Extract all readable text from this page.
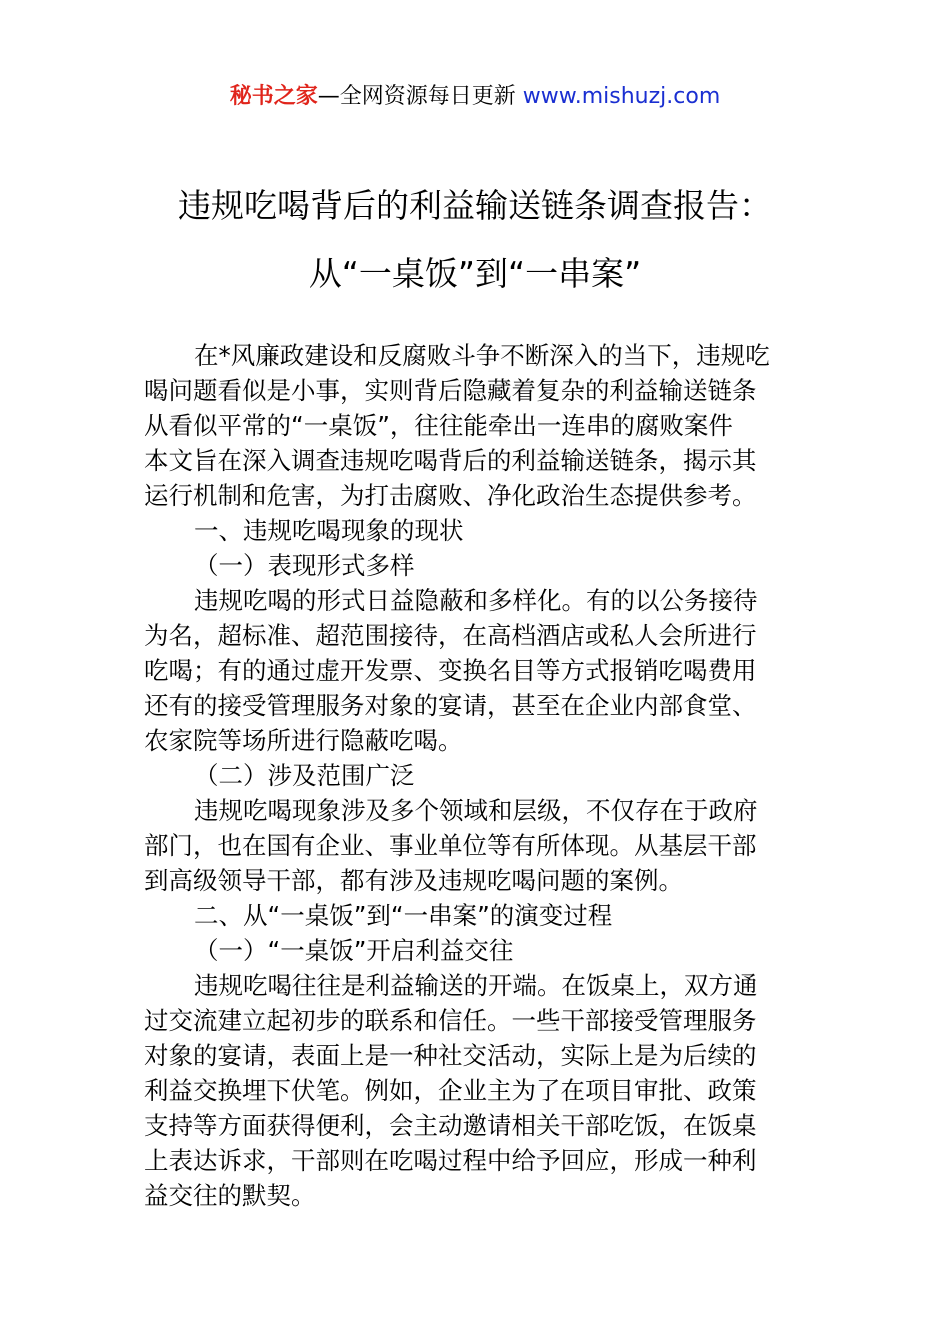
秘书之家—全网资源每日更新 www.mishuzj.com
违规吃喝背后的利益输送链条调查报告：
从“一桌饭”到“一串案”
在*风廉政建设和反腐败斗争不断深入的当下，违规吃
喝问题看似是小事，实则背后隐藏着复杂的利益输送链条
从看似平常的“一桌饭”，往往能牵出一连串的腐败案件
本文旨在深入调查违规吃喝背后的利益输送链条，揭示其
运行机制和危害，为打击腐败、净化政治生态提供参考。
一、违规吃喝现象的现状
（一）表现形式多样
违规吃喝的形式日益隐蔽和多样化。有的以公务接待
为名，超标准、超范围接待，在高档酒店或私人会所进行
吃喝；有的通过虚开发票、变换名目等方式报销吃喝费用
还有的接受管理服务对象的宴请，甚至在企业内部食堂、
农家院等场所进行隐蔽吃喝。
（二）涉及范围广泛
违规吃喝现象涉及多个领域和层级，不仅存在于政府
部门，也在国有企业、事业单位等有所体现。从基层干部
到高级领导干部，都有涉及违规吃喝问题的案例。
二、从“一桌饭”到“一串案”的演变过程
（一）“一桌饭”开启利益交往
违规吃喝往往是利益输送的开端。在饭桌上，双方通
过交流建立起初步的联系和信任。一些干部接受管理服务
对象的宴请，表面上是一种社交活动，实际上是为后续的
利益交换埋下伏笔。例如，企业主为了在项目审批、政策
支持等方面获得便利，会主动邀请相关干部吃饭，在饭桌
上表达诉求，干部则在吃喝过程中给予回应，形成一种利
益交往的默契。
